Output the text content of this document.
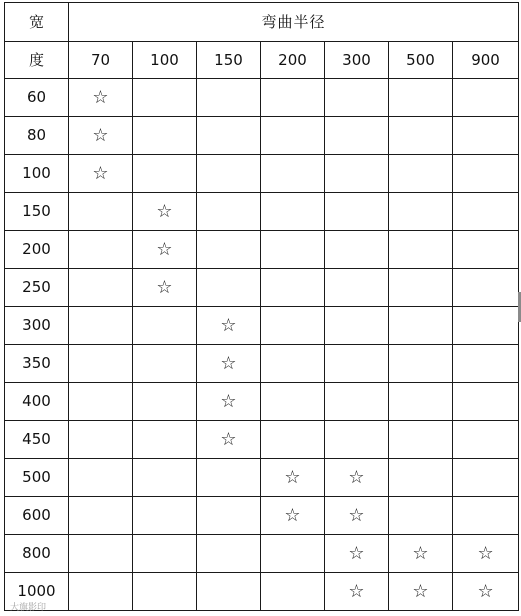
宽	弯曲半径						
度	70	100	150	200	300	500	900
60	☆						
80	☆						
100	☆						
150		☆					
200		☆					
250		☆					
300			☆				
350			☆				
400			☆				
450			☆				
500				☆	☆		
600				☆	☆		
800					☆	☆	☆
1000					☆	☆	☆
大旗影印
